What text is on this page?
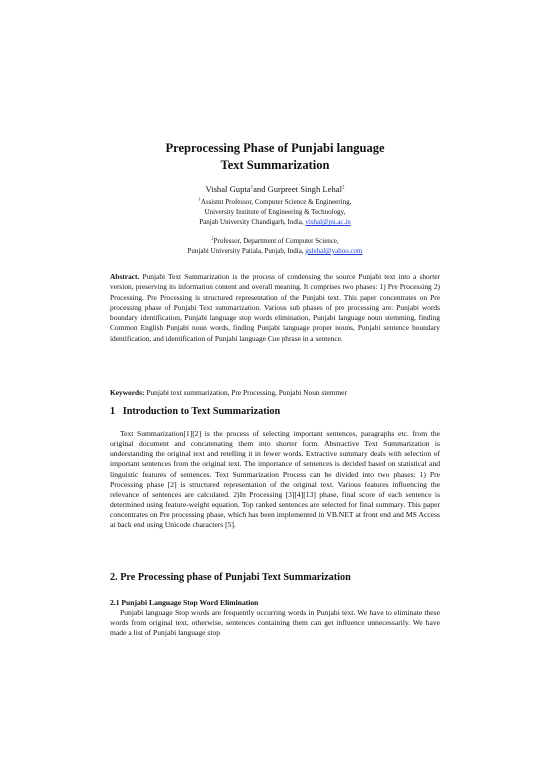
Preprocessing Phase of Punjabi language
Text Summarization
Vishal Gupta$^1$and Gurpreet Singh Lehal$^2$
$^1$Assistnt Professor, Computer Science & Engineering,
University Institute of Engineering & Technology,
Panjab University Chandigarh, India, vishal@pu.ac.in
$^2$Professor, Department of Computer Science,
Punjabi University Patiala, Punjab, India, gslehal@yahoo.com
Abstract. Punjabi Text Summarization is the process of condensing the source Punjabi text into a shorter version, preserving its information content and overall meaning. It comprises two phases: 1) Pre Processing 2) Processing. Pre Processing is structured representation of the Punjabi text. This paper concentrates on Pre processing phase of Punjabi Text summarization. Various sub phases of pre processing are: Punjabi words boundary identification, Punjabi language stop words elimination, Punjabi language noun stemming, finding Common English Punjabi noun words, finding Punjabi language proper nouns, Punjabi sentence boundary identification, and identification of Punjabi language Cue phrase in a sentence.
Keywords: Punjabi text summarization, Pre Processing, Punjabi Noun stemmer
1 Introduction to Text Summarization

Text Summarization[1][2] is the process of selecting important sentences, paragraphs etc. from the original document and concatenating them into shorter form. Abstractive Text Summarization is understanding the original text and retelling it in fewer words. Extractive summary deals with selection of important sentences from the original text. The importance of sentences is decided based on statistical and linguistic features of sentences. Text Summarization Process can be divided into two phases: 1) Pre Processing phase [2] is structured representation of the original text. Various features influencing the relevance of sentences are calculated. 2)In Processing [3][4][13] phase, final score of each sentence is determined using feature-weight equation. Top ranked sentences are selected for final summary. This paper concentrates on Pre processing phase, which has been implemented in VB.NET at front end and MS Access at back end using Unicode characters [5].

2. Pre Processing phase of Punjabi Text Summarization
2.1 Punjabi Language Stop Word Elimination

Punjabi language Stop words are frequently occurring words in Punjabi text. We have to eliminate these words from original text, otherwise, sentences containing them can get influence unnecessarily. We have made a list of Punjabi language stop
